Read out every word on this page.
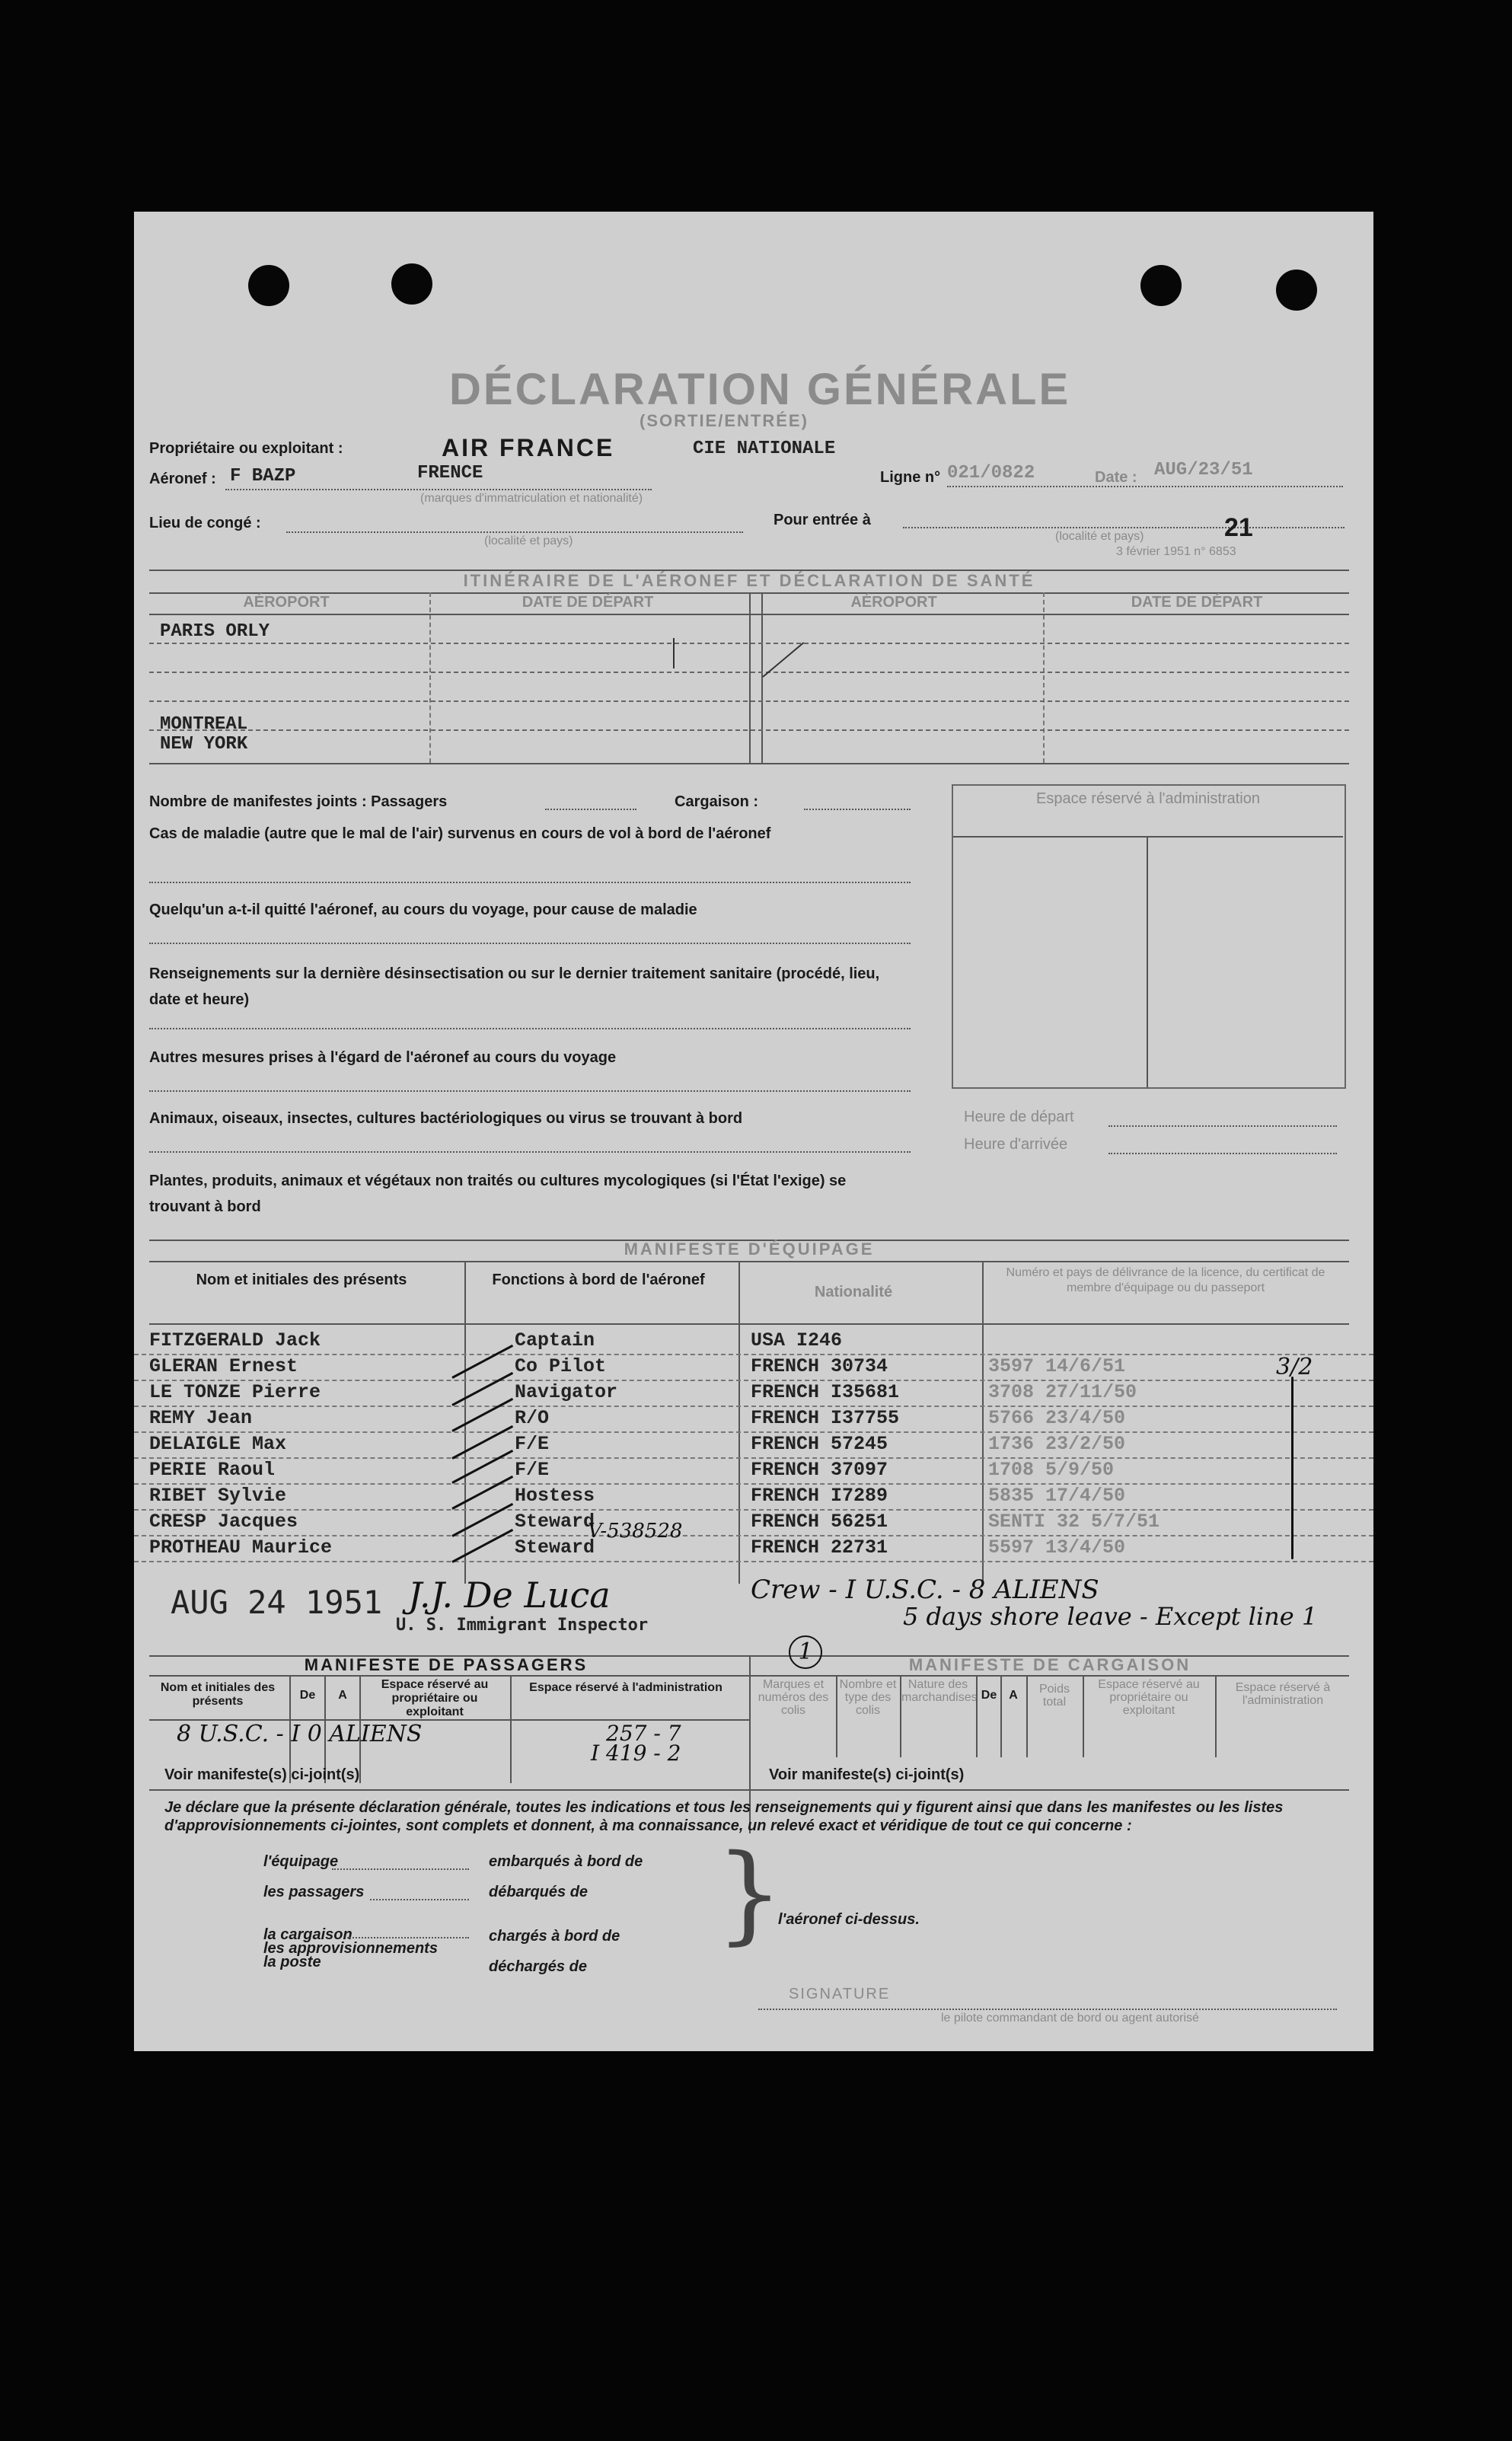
DÉCLARATION GÉNÉRALE
(SORTIE/ENTRÉE)
Propriétaire ou exploitant :	AIR FRANCE	CIE NATIONALE
Aéronef : F BAZP	FRENCE
(marques d'immatriculation et nationalité)
Ligne n° 021/0822	Date : AUG/23/51
Lieu de congé :
(localité et pays)
Pour entrée à
(localité et pays)
3 février 1951 n° 6853
21
ITINÉRAIRE DE L'AÉRONEF ET DÉCLARATION DE SANTÉ
AÉROPORT	DATE DE DÉPART	AÉROPORT	DATE DE DÉPART
PARIS ORLY
MONTREAL
NEW YORK
Nombre de manifestes joints : Passagers	Cargaison :
Cas de maladie (autre que le mal de l'air) survenus en cours de vol à bord de l'aéronef
Quelqu'un a-t-il quitté l'aéronef, au cours du voyage, pour cause de maladie
Renseignements sur la dernière désinsectisation ou sur le dernier traitement sanitaire (procédé, lieu, date et heure)
Autres mesures prises à l'égard de l'aéronef au cours du voyage
Animaux, oiseaux, insectes, cultures bactériologiques ou virus se trouvant à bord
Plantes, produits, animaux et végétaux non traités ou cultures mycologiques (si l'État l'exige) se trouvant à bord
Espace réservé à l'administration
Heure de départ
Heure d'arrivée
MANIFESTE D'ÉQUIPAGE
Nom et initiales des présents	Fonctions à bord de l'aéronef
Nationalité
Numéro et pays de délivrance de la licence, du certificat de membre d'équipage ou du passeport
FITZGERALD Jack	Captain	USA I246
GLERAN Ernest	Co Pilot	FRENCH 30734	3597 14/6/51
LE TONZE Pierre	Navigator	FRENCH I35681	3708 27/11/50
REMY Jean	R/O	FRENCH I37755	5766 23/4/50
DELAIGLE Max	F/E	FRENCH 57245	1736 23/2/50
PERIE Raoul	F/E	FRENCH 37097	1708 5/9/50
RIBET Sylvie	Hostess	FRENCH I7289	5835 17/4/50
CRESP Jacques	Steward	FRENCH 56251	SENTI 32 5/7/51
PROTHEAU Maurice	Steward	FRENCH 22731	5597 13/4/50
3/2
V-538528
AUG 24 1951 J.J. De Luca
U. S. Immigrant Inspector
Crew - I U.S.C. - 8 ALIENS
5 days shore leave - Except line 1
MANIFESTE DE PASSAGERS	MANIFESTE DE CARGAISON
1
Nom et initiales des présents	De	A
Espace réservé au propriétaire ou exploitant
Espace réservé à l'administration
8 U.S.C. - I 0 ALIENS	257 - 7
I 419 - 2
Voir manifeste(s) ci-joint(s)
Marques et numéros des colis
Nombre et type des colis
Nature des marchandises De	A	Poids total
Espace réservé au propriétaire ou exploitant
Espace réservé à l'administration
Voir manifeste(s) ci-joint(s)
Je déclare que la présente déclaration générale, toutes les indications et tous les renseignements qui y figurent ainsi que dans les manifestes ou les listes d'approvisionnements ci-jointes, sont complets et donnent, à ma connaissance, un relevé exact et véridique de tout ce qui concerne :
l'équipage	embarqués à bord de
les passagers	débarqués de
la cargaison
les approvisionnements
la poste
chargés à bord de
déchargés de
}
l'aéronef ci-dessus.
SIGNATURE
le pilote commandant de bord ou agent autorisé
